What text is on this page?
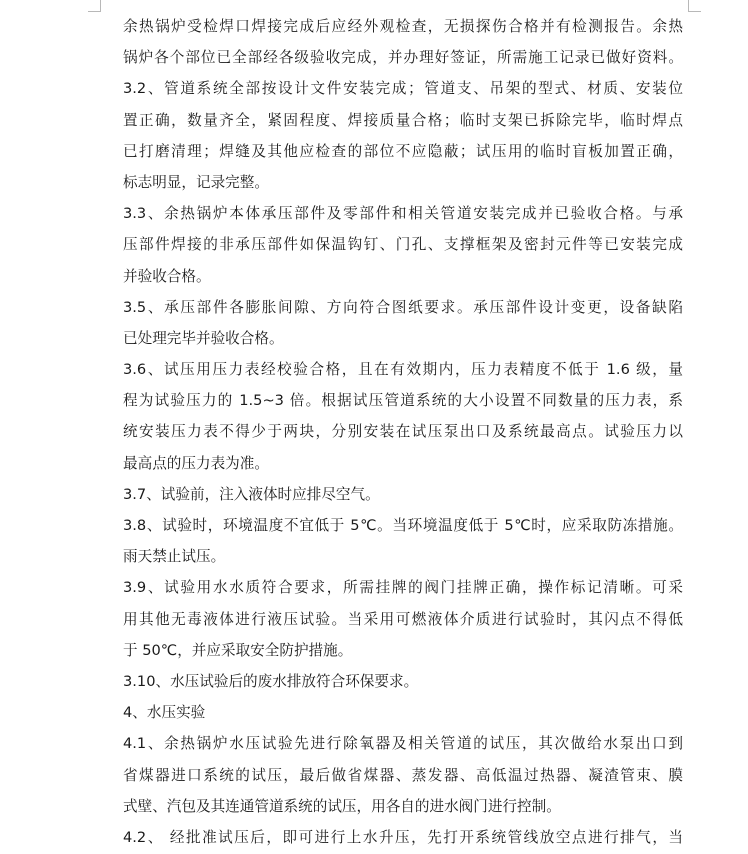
余热锅炉受检焊口焊接完成后应经外观检查，无损探伤合格并有检测报告。余热
锅炉各个部位已全部经各级验收完成，并办理好签证，所需施工记录已做好资料。
3.2、管道系统全部按设计文件安装完成；管道支、吊架的型式、材质、安装位
置正确，数量齐全，紧固程度、焊接质量合格；临时支架已拆除完毕，临时焊点
已打磨清理；焊缝及其他应检查的部位不应隐蔽；试压用的临时盲板加置正确，
标志明显，记录完整。
3.3、余热锅炉本体承压部件及零部件和相关管道安装完成并已验收合格。与承
压部件焊接的非承压部件如保温钩钉、门孔、支撑框架及密封元件等已安装完成
并验收合格。
3.5、承压部件各膨胀间隙、方向符合图纸要求。承压部件设计变更，设备缺陷
已处理完毕并验收合格。
3.6、试压用压力表经校验合格，且在有效期内，压力表精度不低于 1.6 级，量
程为试验压力的 1.5~3 倍。根据试压管道系统的大小设置不同数量的压力表，系
统安装压力表不得少于两块，分别安装在试压泵出口及系统最高点。试验压力以
最高点的压力表为准。
3.7、试验前，注入液体时应排尽空气。
3.8、试验时，环境温度不宜低于 5℃。当环境温度低于 5℃时，应采取防冻措施。
雨天禁止试压。
3.9、试验用水水质符合要求，所需挂牌的阀门挂牌正确，操作标记清晰。可采
用其他无毒液体进行液压试验。当采用可燃液体介质进行试验时，其闪点不得低
于 50℃，并应采取安全防护措施。
3.10、水压试验后的废水排放符合环保要求。
4、水压实验
4.1、余热锅炉水压试验先进行除氧器及相关管道的试压，其次做给水泵出口到
省煤器进口系统的试压，最后做省煤器、蒸发器、高低温过热器、凝渣管束、膜
式壁、汽包及其连通管道系统的试压，用各自的进水阀门进行控制。
4.2、 经批准试压后，即可进行上水升压，先打开系统管线放空点进行排气，当
